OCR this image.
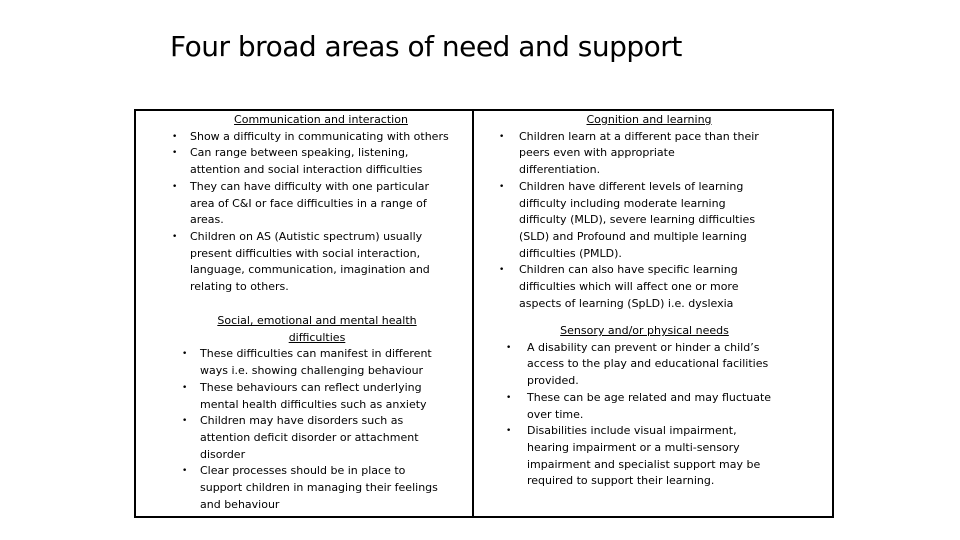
Four broad areas of need and support
Communication and interaction
• Show a difficulty in communicating with others
• Can range between speaking, listening, attention and social interaction difficulties
• They can have difficulty with one particular area of C&I or face difficulties in a range of areas.
• Children on AS (Autistic spectrum) usually present difficulties with social interaction, language, communication, imagination and relating to others.
Social, emotional and mental health difficulties
• These difficulties can manifest in different ways i.e. showing challenging behaviour
• These behaviours can reflect underlying mental health difficulties such as anxiety
• Children may have disorders such as attention deficit disorder or attachment disorder
• Clear processes should be in place to support children in managing their feelings and behaviour
Cognition and learning
• Children learn at a different pace than their peers even with appropriate differentiation.
• Children have different levels of learning difficulty including moderate learning difficulty (MLD), severe learning difficulties (SLD) and Profound and multiple learning difficulties (PMLD).
• Children can also have specific learning difficulties which will affect one or more aspects of learning (SpLD) i.e. dyslexia
Sensory and/or physical needs
• A disability can prevent or hinder a child’s access to the play and educational facilities provided.
• These can be age related and may fluctuate over time.
• Disabilities include visual impairment, hearing impairment or a multi-sensory impairment and specialist support may be required to support their learning.
